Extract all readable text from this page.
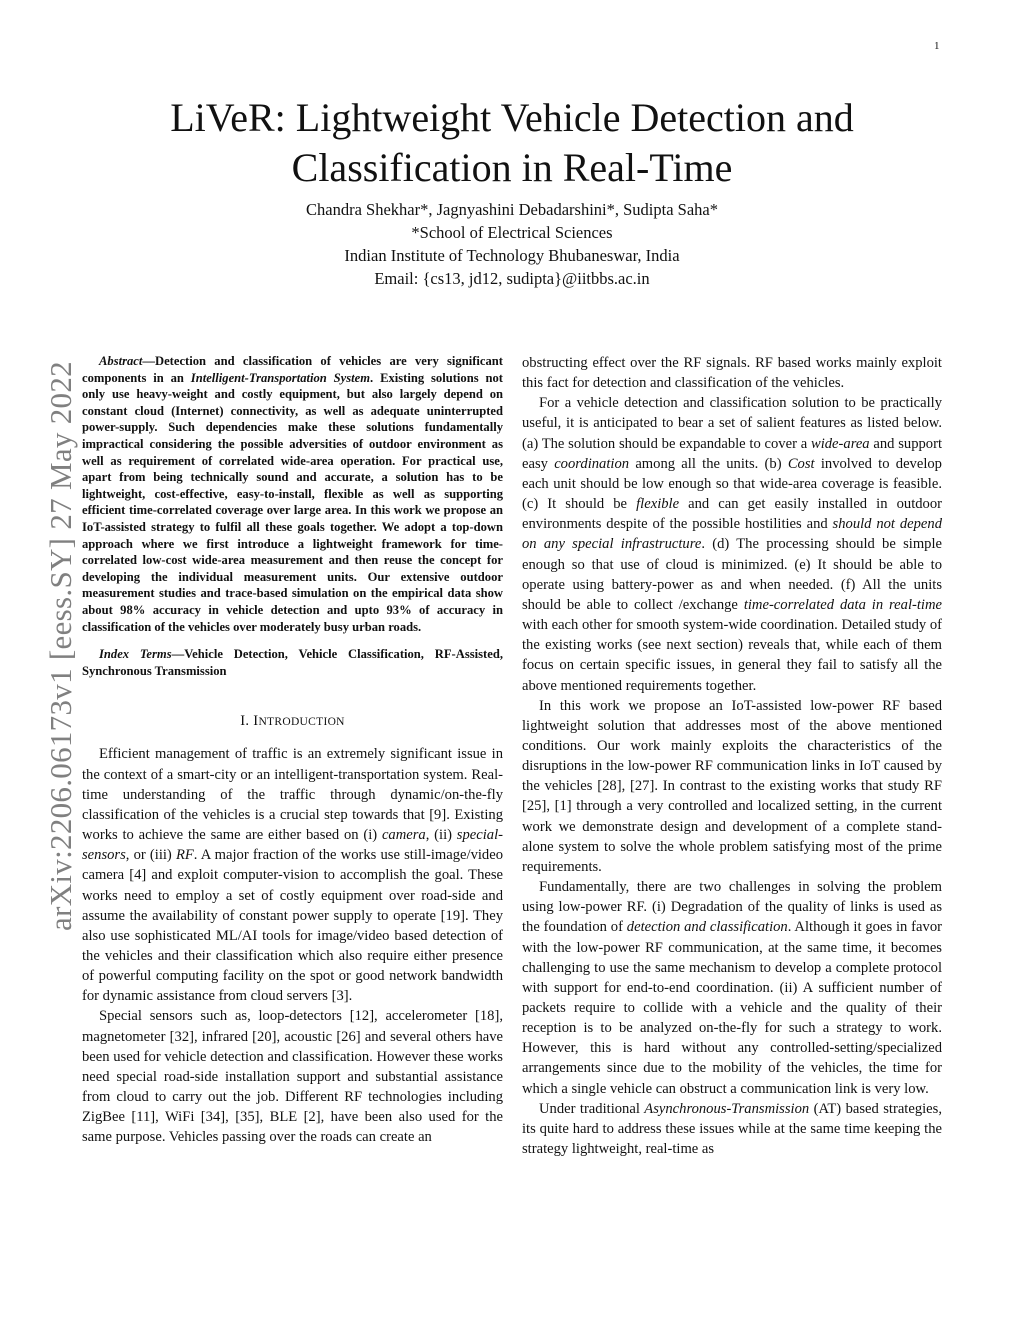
1
arXiv:2206.06173v1 [eess.SY] 27 May 2022
LiVeR: Lightweight Vehicle Detection and
Classification in Real-Time
Chandra Shekhar*, Jagnyashini Debadarshini*, Sudipta Saha*
*School of Electrical Sciences
Indian Institute of Technology Bhubaneswar, India
Email: {cs13, jd12, sudipta}@iitbbs.ac.in

Abstract—Detection and classification of vehicles are very significant components in an Intelligent-Transportation System. Existing solutions not only use heavy-weight and costly equipment, but also largely depend on constant cloud (Internet) connectivity, as well as adequate uninterrupted power-supply. Such dependencies make these solutions fundamentally impractical considering the possible adversities of outdoor environment as well as requirement of correlated wide-area operation. For practical use, apart from being technically sound and accurate, a solution has to be lightweight, cost-effective, easy-to-install, flexible as well as supporting efficient time-correlated coverage over large area. In this work we propose an IoT-assisted strategy to fulfil all these goals together. We adopt a top-down approach where we first introduce a lightweight framework for time-correlated low-cost wide-area measurement and then reuse the concept for developing the individual measurement units. Our extensive outdoor measurement studies and trace-based simulation on the empirical data show about 98% accuracy in vehicle detection and upto 93% of accuracy in classification of the vehicles over moderately busy urban roads.

Index Terms—Vehicle Detection, Vehicle Classification, RF-Assisted, Synchronous Transmission

I. INTRODUCTION

Efficient management of traffic is an extremely significant issue in the context of a smart-city or an intelligent-transportation system. Real-time understanding of the traffic through dynamic/on-the-fly classification of the vehicles is a crucial step towards that [9]. Existing works to achieve the same are either based on (i) camera, (ii) special-sensors, or (iii) RF. A major fraction of the works use still-image/video camera [4] and exploit computer-vision to accomplish the goal. These works need to employ a set of costly equipment over road-side and assume the availability of constant power supply to operate [19]. They also use sophisticated ML/AI tools for image/video based detection of the vehicles and their classification which also require either presence of powerful computing facility on the spot or good network bandwidth for dynamic assistance from cloud servers [3].

Special sensors such as, loop-detectors [12], accelerometer [18], magnetometer [32], infrared [20], acoustic [26] and several others have been used for vehicle detection and classification. However these works need special road-side installation support and substantial assistance from cloud to carry out the job. Different RF technologies including ZigBee [11], WiFi [34], [35], BLE [2], have been also used for the same purpose. Vehicles passing over the roads can create an

obstructing effect over the RF signals. RF based works mainly exploit this fact for detection and classification of the vehicles.

For a vehicle detection and classification solution to be practically useful, it is anticipated to bear a set of salient features as listed below. (a) The solution should be expandable to cover a wide-area and support easy coordination among all the units. (b) Cost involved to develop each unit should be low enough so that wide-area coverage is feasible. (c) It should be flexible and can get easily installed in outdoor environments despite of the possible hostilities and should not depend on any special infrastructure. (d) The processing should be simple enough so that use of cloud is minimized. (e) It should be able to operate using battery-power as and when needed. (f) All the units should be able to collect /exchange time-correlated data in real-time with each other for smooth system-wide coordination. Detailed study of the existing works (see next section) reveals that, while each of them focus on certain specific issues, in general they fail to satisfy all the above mentioned requirements together.

In this work we propose an IoT-assisted low-power RF based lightweight solution that addresses most of the above mentioned conditions. Our work mainly exploits the characteristics of the disruptions in the low-power RF communication links in IoT caused by the vehicles [28], [27]. In contrast to the existing works that study RF [25], [1] through a very controlled and localized setting, in the current work we demonstrate design and development of a complete stand-alone system to solve the whole problem satisfying most of the prime requirements.

Fundamentally, there are two challenges in solving the problem using low-power RF. (i) Degradation of the quality of links is used as the foundation of detection and classification. Although it goes in favor with the low-power RF communication, at the same time, it becomes challenging to use the same mechanism to develop a complete protocol with support for end-to-end coordination. (ii) A sufficient number of packets require to collide with a vehicle and the quality of their reception is to be analyzed on-the-fly for such a strategy to work. However, this is hard without any controlled-setting/specialized arrangements since due to the mobility of the vehicles, the time for which a single vehicle can obstruct a communication link is very low.

Under traditional Asynchronous-Transmission (AT) based strategies, its quite hard to address these issues while at the same time keeping the strategy lightweight, real-time as
